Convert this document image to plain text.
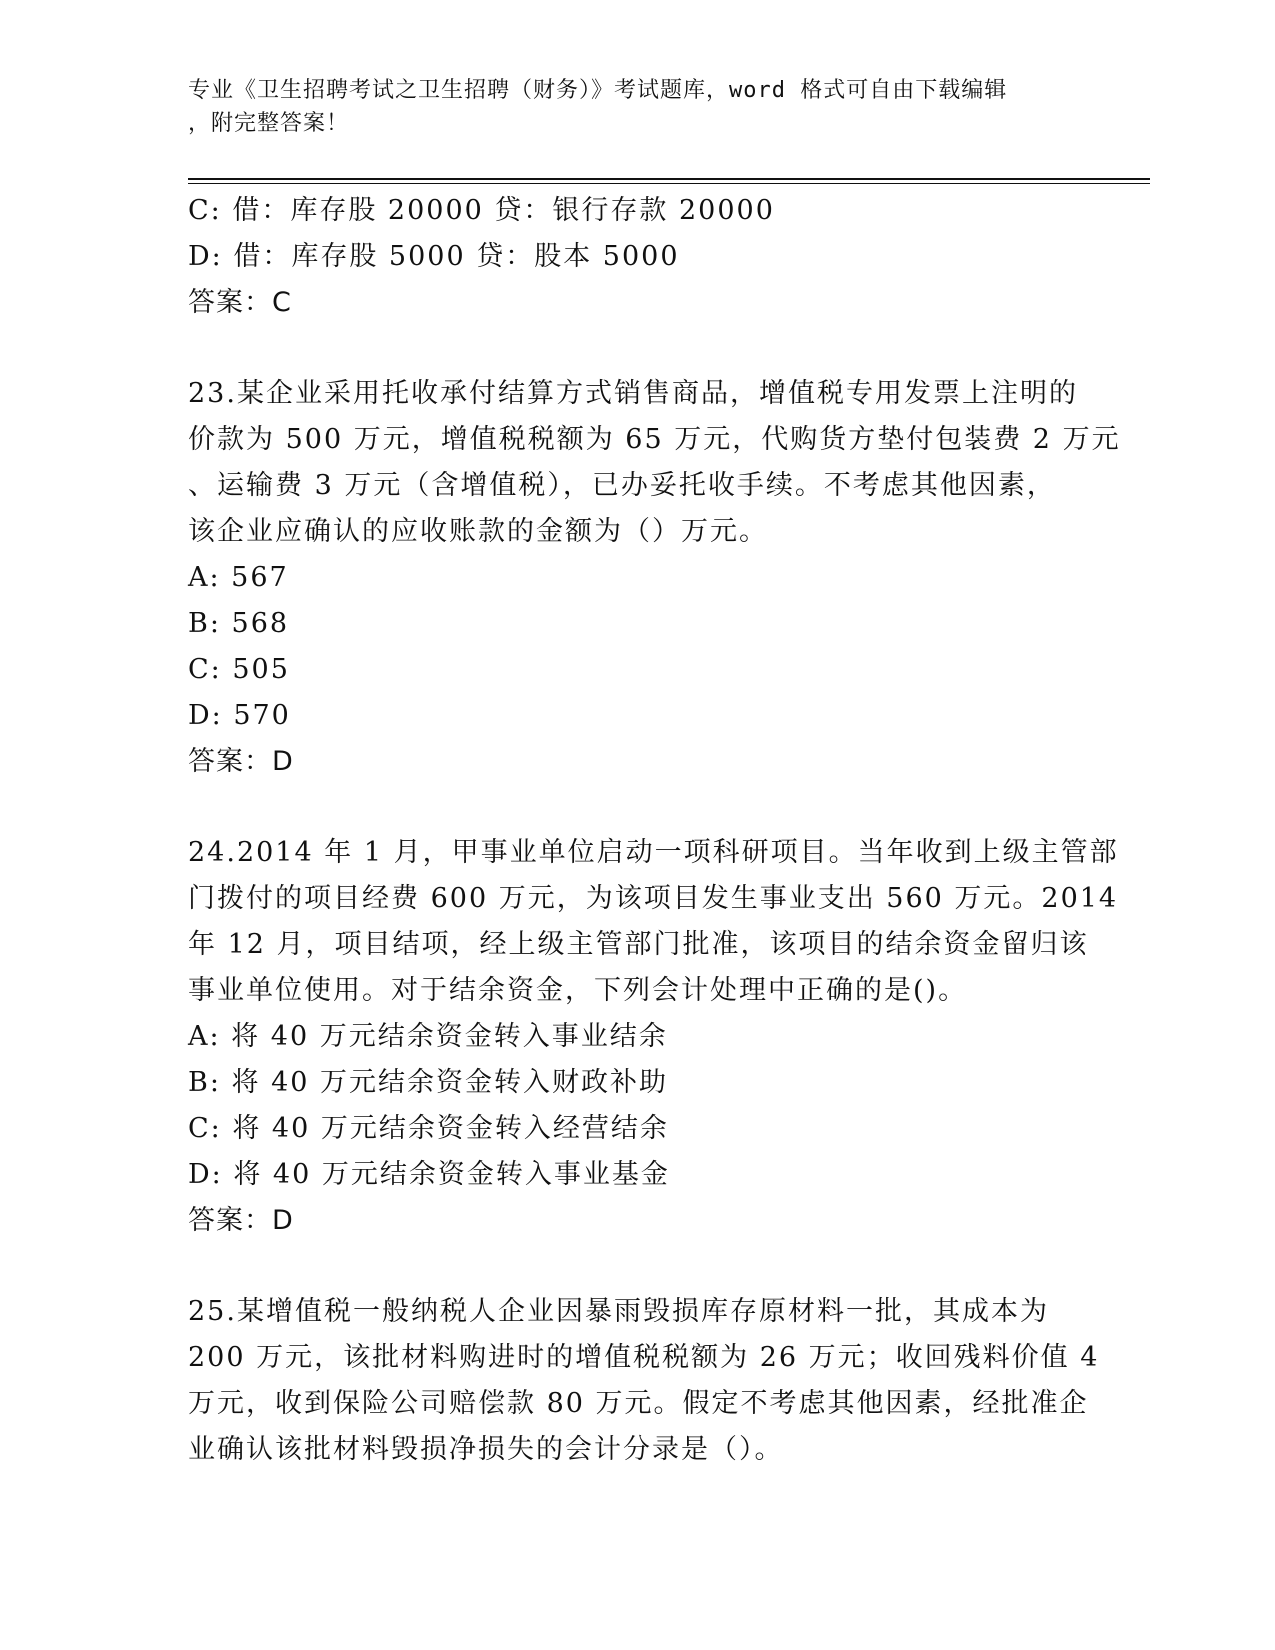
专业《卫生招聘考试之卫生招聘（财务）》考试题库，word 格式可自由下载编辑
，附完整答案！
C: 借：库存股 20000 贷：银行存款 20000
D: 借：库存股 5000 贷：股本 5000
答案：C
23.某企业采用托收承付结算方式销售商品，增值税专用发票上注明的
价款为 500 万元，增值税税额为 65 万元，代购货方垫付包装费 2 万元
、运输费 3 万元（含增值税），已办妥托收手续。不考虑其他因素，
该企业应确认的应收账款的金额为（）万元。
A: 567
B: 568
C: 505
D: 570
答案：D
24.2014 年 1 月，甲事业单位启动一项科研项目。当年收到上级主管部
门拨付的项目经费 600 万元，为该项目发生事业支出 560 万元。2014
年 12 月，项目结项，经上级主管部门批准，该项目的结余资金留归该
事业单位使用。对于结余资金，下列会计处理中正确的是()。
A: 将 40 万元结余资金转入事业结余
B: 将 40 万元结余资金转入财政补助
C: 将 40 万元结余资金转入经营结余
D: 将 40 万元结余资金转入事业基金
答案：D
25.某增值税一般纳税人企业因暴雨毁损库存原材料一批，其成本为
200 万元，该批材料购进时的增值税税额为 26 万元；收回残料价值 4
万元，收到保险公司赔偿款 80 万元。假定不考虑其他因素，经批准企
业确认该批材料毁损净损失的会计分录是（）。
